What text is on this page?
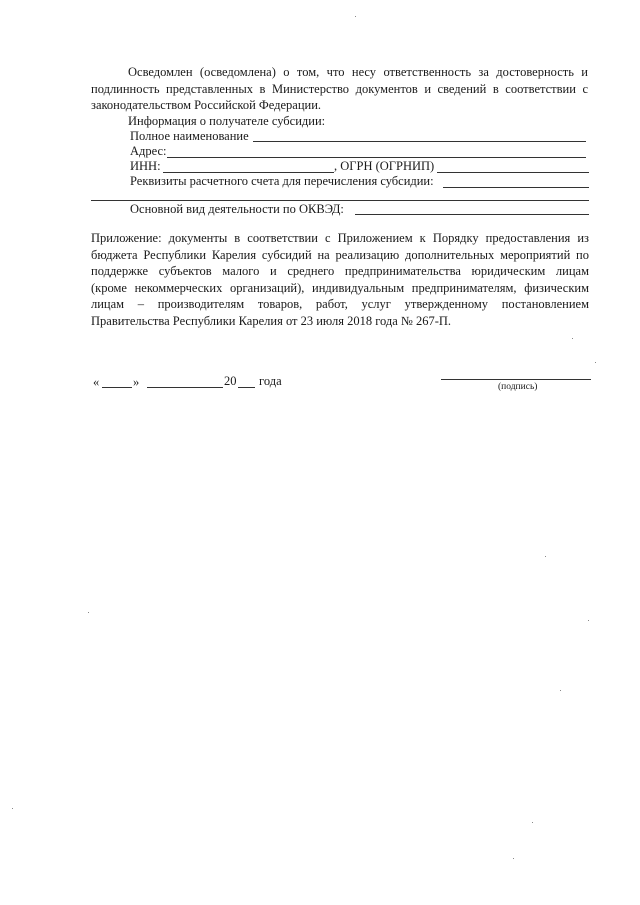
Осведомлен (осведомлена) о том, что несу ответственность за достоверность и
подлинность представленных в Министерство документов и сведений в соответствии с
законодательством Российской Федерации.
Информация о получателе субсидии:
Полное наименование
Адрес:
ИНН:	, ОГРН (ОГРНИП)
Реквизиты расчетного счета для перечисления субсидии:
Основной вид деятельности по ОКВЭД:
Приложение: документы в соответствии с Приложением к Порядку предоставления из
бюджета Республики Карелия субсидий на реализацию дополнительных мероприятий по
поддержке субъектов малого и среднего предпринимательства юридическим лицам
(кроме некоммерческих организаций), индивидуальным предпринимателям, физическим
лицам – производителям товаров, работ, услуг утвержденному постановлением
Правительства Республики Карелия от 23 июля 2018 года № 267-П.
«	»	20 года	(подпись)
